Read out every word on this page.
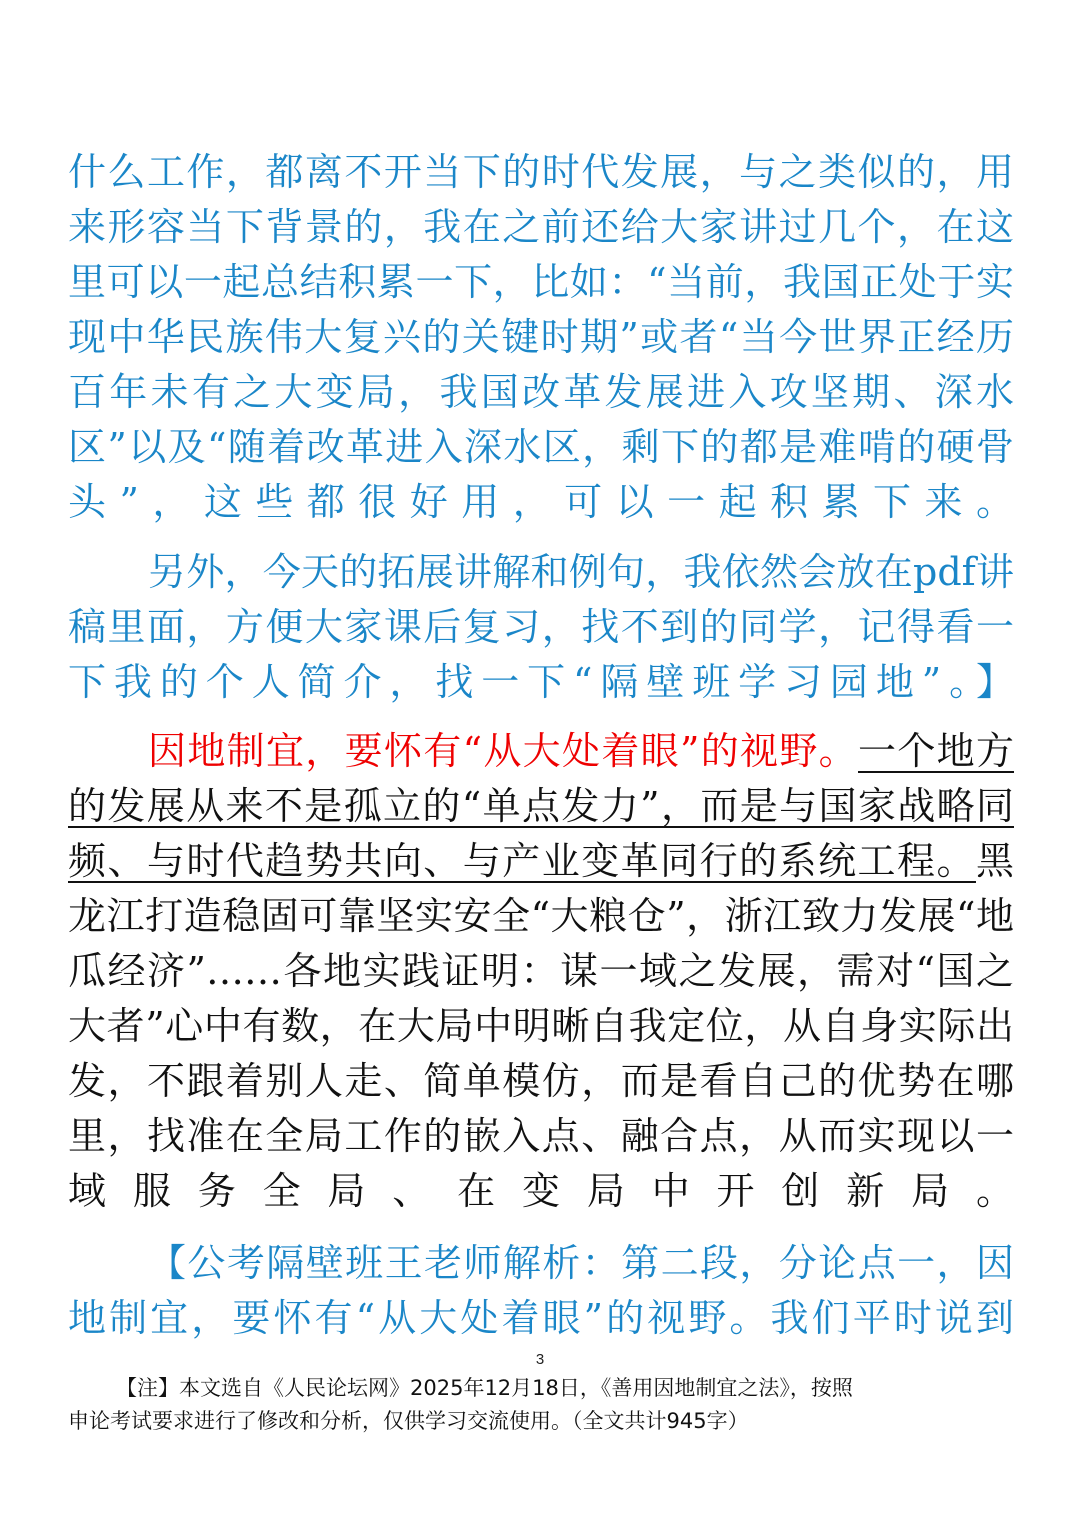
什么工作，都离不开当下的时代发展，与之类似的，用来形容当下背景的，我在之前还给大家讲过几个，在这里可以一起总结积累一下，比如：“当前，我国正处于实现中华民族伟大复兴的关键时期”或者“当今世界正经历百年未有之大变局，我国改革发展进入攻坚期、深水区”以及“随着改革进入深水区，剩下的都是难啃的硬骨头”，这些都很好用，可以一起积累下来。

另外，今天的拓展讲解和例句，我依然会放在pdf讲稿里面，方便大家课后复习，找不到的同学，记得看一下我的个人简介，找一下“隔壁班学习园地”。】

因地制宜，要怀有“从大处着眼”的视野。一个地方的发展从来不是孤立的“单点发力”，而是与国家战略同频、与时代趋势共向、与产业变革同行的系统工程。黑龙江打造稳固可靠坚实安全“大粮仓”，浙江致力发展“地瓜经济”……各地实践证明：谋一域之发展，需对“国之大者”心中有数，在大局中明晰自我定位，从自身实际出发，不跟着别人走、简单模仿，而是看自己的优势在哪里，找准在全局工作的嵌入点、融合点，从而实现以一域服务全局、在变局中开创新局。

【公考隔壁班王老师解析：第二段，分论点一，因地制宜，要怀有“从大处着眼”的视野。我们平时说到

3

【注】本文选自《人民论坛网》2025年12月18日，《善用因地制宜之法》，按照

申论考试要求进行了修改和分析，仅供学习交流使用。（全文共计945字）
